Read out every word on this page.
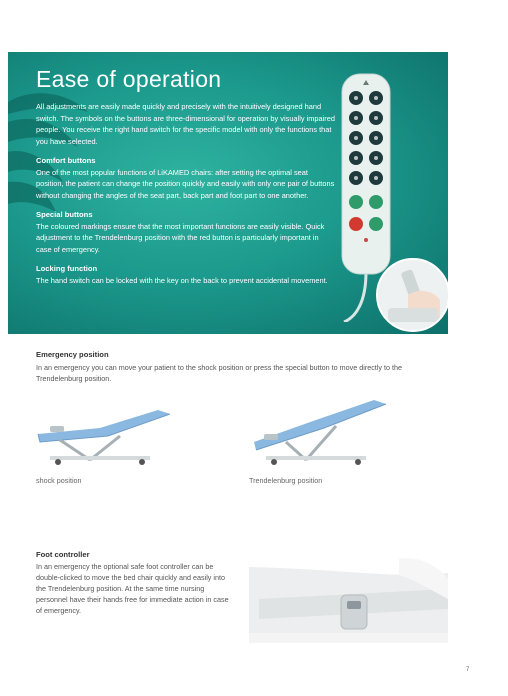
Ease of operation

All adjustments are easily made quickly and precisely with the intuitively designed hand switch. The symbols on the buttons are three-dimensional for operation by visually impaired people. You receive the right hand switch for the specific model with only the functions that you have selected.

Comfort buttons

One of the most popular functions of LiKAMED chairs: after setting the optimal seat position, the patient can change the position quickly and easily with only one pair of buttons without changing the angles of the seat part, back part and foot part to one another.

Special buttons

The coloured markings ensure that the most important functions are easily visible. Quick adjustment to the Trendelenburg position with the red button is particularly important in case of emergency.

Locking function

The hand switch can be locked with the key on the back to prevent accidental movement.

Emergency position

In an emergency you can move your patient to the shock position or press the special button to move directly to the Trendelenburg position.

shock position	Trendelenburg position
Foot controller

In an emergency the optional safe foot controller can be double-clicked to move the bed chair quickly and easily into the Trendelenburg position. At the same time nursing personnel have their hands free for immediate action in case of emergency.

7
